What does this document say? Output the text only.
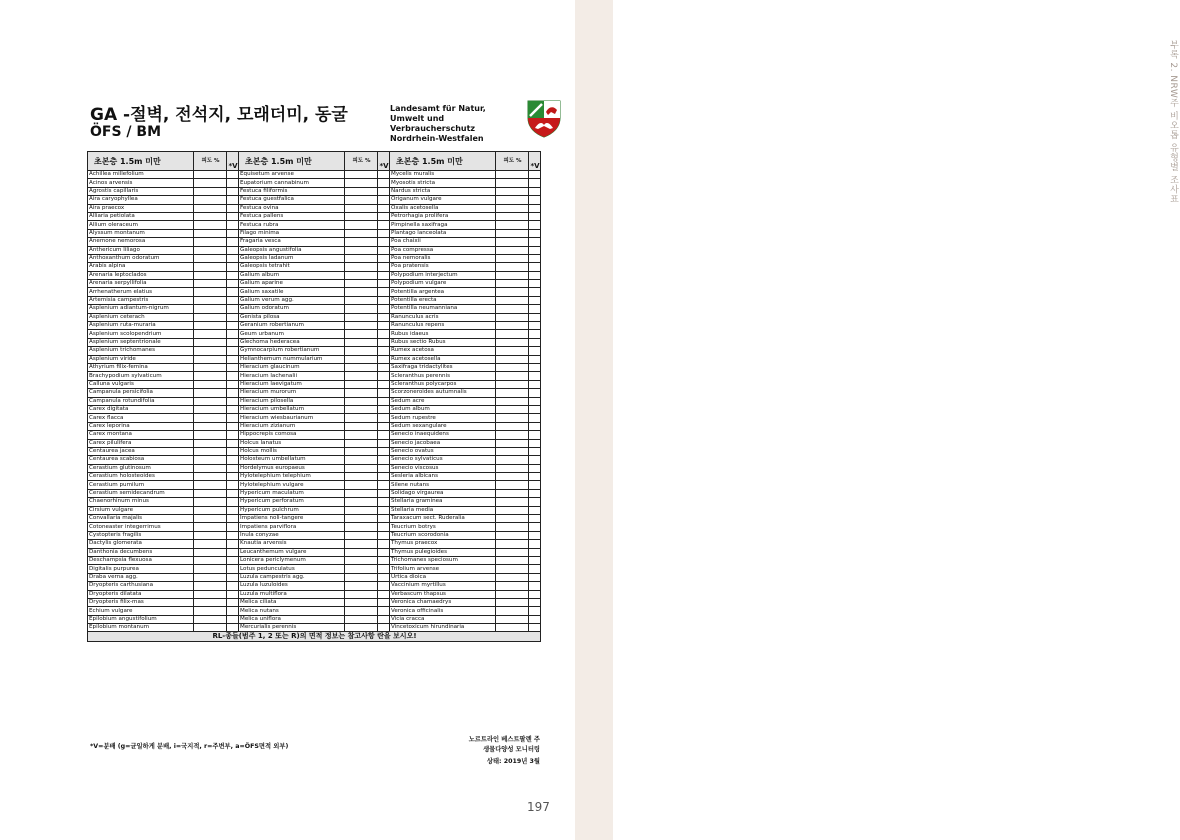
부록 2. NRW주 비오톱 유형별 조사표
GA -절벽, 전석지, 모래더미, 동굴
ÖFS / BM
Landesamt für Natur,
Umwelt und Verbraucherschutz
Nordrhein-Westfalen
초본층 1.5m 미만	피도 %	*V	초본층 1.5m 미만	피도 %	*V	초본층 1.5m 미만	피도 %	*V
Achillea millefolium			Equisetum arvense			Mycelis muralis		
Acinos arvensis			Eupatorium cannabinum			Myosotis stricta		
Agrostis capillaris			Festuca filiformis			Nardus stricta		
Aira caryophyllea			Festuca guestfalica			Origanum vulgare		
Aira praecox			Festuca ovina			Oxalis acetosella		
Alliaria petiolata			Festuca pallens			Petrorhagia prolifera		
Allium oleraceum			Festuca rubra			Pimpinella saxifraga		
Alyssum montanum			Filago minima			Plantago lanceolata		
Anemone nemorosa			Fragaria vesca			Poa chaixii		
Anthericum liliago			Galeopsis angustifolia			Poa compressa		
Anthoxanthum odoratum			Galeopsis ladanum			Poa nemoralis		
Arabis alpina			Galeopsis tetrahit			Poa pratensis		
Arenaria leptoclados			Galium album			Polypodium interjectum		
Arenaria serpyllifolia			Galium aparine			Polypodium vulgare		
Arrhenatherum elatius			Galium saxatile			Potentilla argentea		
Artemisia campestris			Galium verum agg.			Potentilla erecta		
Asplenium adiantum-nigrum			Galium odoratum			Potentilla neumanniana		
Asplenium ceterach			Genista pilosa			Ranunculus acris		
Asplenium ruta-muraria			Geranium robertianum			Ranunculus repens		
Asplenium scolopendrium			Geum urbanum			Rubus idaeus		
Asplenium septentrionale			Glechoma hederacea			Rubus sectio Rubus		
Asplenium trichomanes			Gymnocarpium robertianum			Rumex acetosa		
Asplenium viride			Helianthemum nummularium			Rumex acetosella		
Athyrium filix-femina			Hieracium glaucinum			Saxifraga tridactylites		
Brachypodium sylvaticum			Hieracium lachenalii			Scleranthus perennis		
Calluna vulgaris			Hieracium laevigatum			Scleranthus polycarpos		
Campanula persicifolia			Hieracium murorum			Scorzoneroides autumnalis		
Campanula rotundifolia			Hieracium pilosella			Sedum acre		
Carex digitata			Hieracium umbellatum			Sedum album		
Carex flacca			Hieracium wiesbaurianum			Sedum rupestre		
Carex leporina			Hieracium zizianum			Sedum sexangulare		
Carex montana			Hippocrepis comosa			Senecio inaequidens		
Carex pilulifera			Holcus lanatus			Senecio jacobaea		
Centaurea jacea			Holcus mollis			Senecio ovatus		
Centaurea scabiosa			Holosteum umbellatum			Senecio sylvaticus		
Cerastium glutinosum			Hordelymus europaeus			Senecio viscosus		
Cerastium holosteoides			Hylotelephium telephium			Sesleria albicans		
Cerastium pumilum			Hylotelephium vulgare			Silene nutans		
Cerastium semidecandrum			Hypericum maculatum			Solidago virgaurea		
Chaenorhinum minus			Hypericum perforatum			Stellaria graminea		
Cirsium vulgare			Hypericum pulchrum			Stellaria media		
Convallaria majalis			Impatiens noli-tangere			Taraxacum sect. Ruderalia		
Cotoneaster integerrimus			Impatiens parviflora			Teucrium botrys		
Cystopteris fragilis			Inula conyzae			Teucrium scorodonia		
Dactylis glomerata			Knautia arvensis			Thymus praecox		
Danthonia decumbens			Leucanthemum vulgare			Thymus pulegioides		
Deschampsia flexuosa			Lonicera periclymenum			Trichomanes speciosum		
Digitalis purpurea			Lotus pedunculatus			Trifolium arvense		
Draba verna agg.			Luzula campestris agg.			Urtica dioica		
Dryopteris carthusiana			Luzula luzuloides			Vaccinium myrtillus		
Dryopteris dilatata			Luzula multiflora			Verbascum thapsus		
Dryopteris filix-mas			Melica ciliata			Veronica chamaedrys		
Echium vulgare			Melica nutans			Veronica officinalis		
Epilobium angustifolium			Melica uniflora			Vicia cracca		
Epilobium montanum			Mercurialis perennis			Vincetoxicum hirundinaria		
RL-종들(범주 1, 2 또는 R)의 면적 정보는 참고사항 란을 보시오!								
*V=분배 (g=균일하게 분배, i=국지적, r=주변부, a=ÖFS면적 외부)
노르트라인 베스트팔렌 주
생물다양성 모니터링
상태: 2019년 3월
197
